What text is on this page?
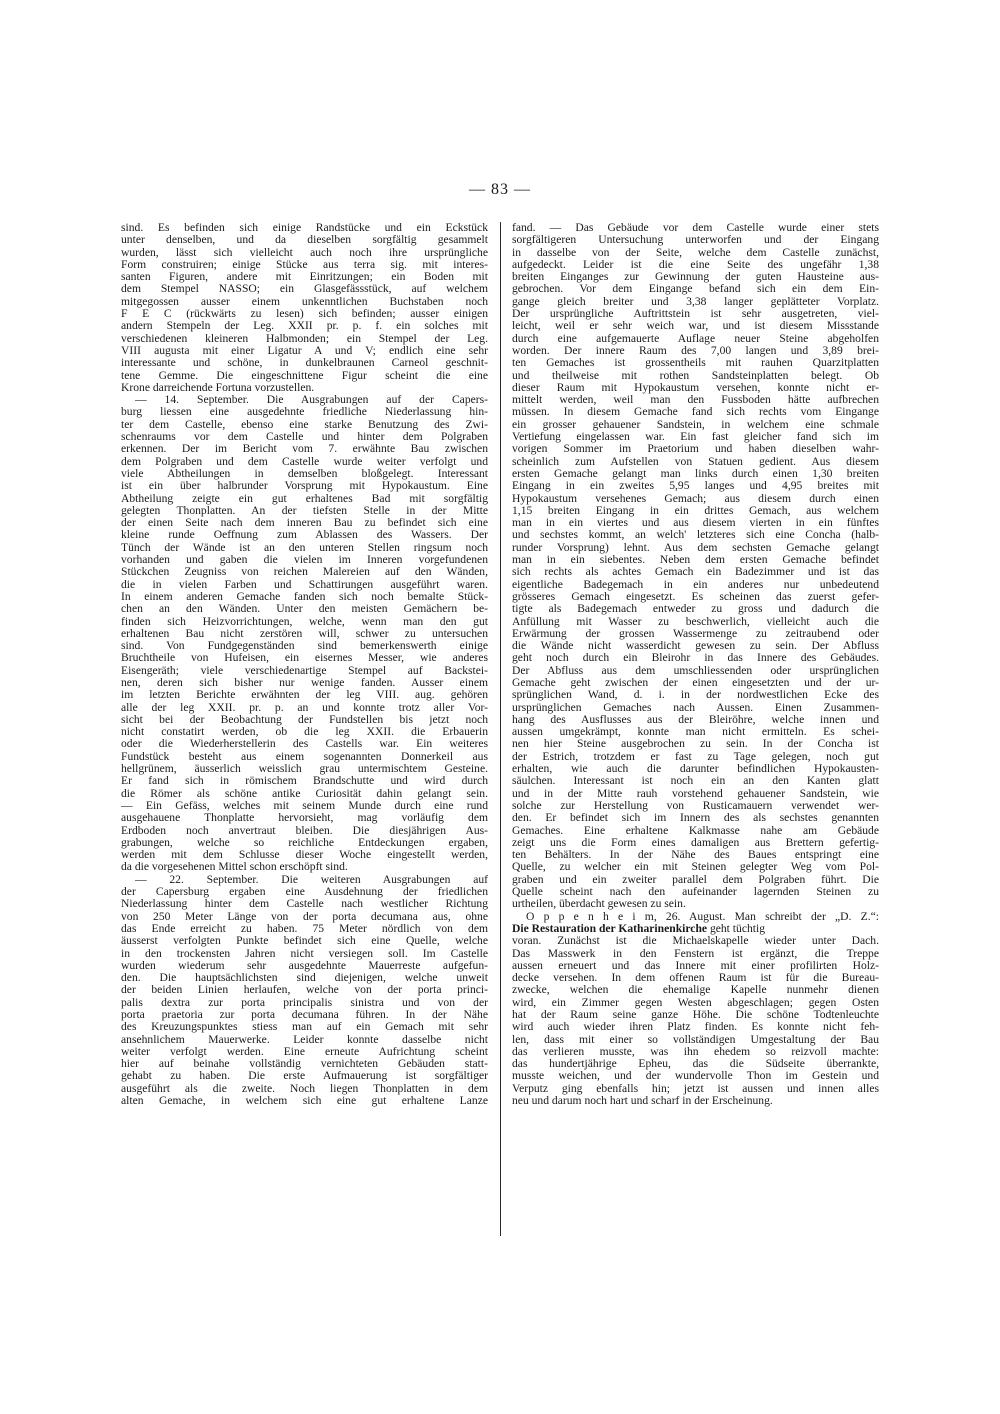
— 83 —
sind. Es befinden sich einige Randstücke und ein Eckstück
unter denselben, und da dieselben sorgfältig gesammelt
wurden, lässt sich vielleicht auch noch ihre ursprüngliche
Form construiren; einige Stücke aus terra sig. mit interes-
santen Figuren, andere mit Einritzungen; ein Boden mit
dem Stempel NASSO; ein Glasgefässstück, auf welchem
mitgegossen ausser einem unkenntlichen Buchstaben noch
F E C (rückwärts zu lesen) sich befinden; ausser einigen
andern Stempeln der Leg. XXII pr. p. f. ein solches mit
verschiedenen kleineren Halbmonden; ein Stempel der Leg.
VIII augusta mit einer Ligatur A und V; endlich eine sehr
interessante und schöne, in dunkelbraunen Carneol geschnit-
tene Gemme. Die eingeschnittene Figur scheint die eine
Krone darreichende Fortuna vorzustellen.
— 14. September. Die Ausgrabungen auf der Capers-
burg liessen eine ausgedehnte friedliche Niederlassung hin-
ter dem Castelle, ebenso eine starke Benutzung des Zwi-
schenraums vor dem Castelle und hinter dem Polgraben
erkennen. Der im Bericht vom 7. erwähnte Bau zwischen
dem Polgraben und dem Castelle wurde weiter verfolgt und
viele Abtheilungen in demselben bloßgelegt. Interessant
ist ein über halbrunder Vorsprung mit Hypokaustum. Eine
Abtheilung zeigte ein gut erhaltenes Bad mit sorgfältig
gelegten Thonplatten. An der tiefsten Stelle in der Mitte
der einen Seite nach dem inneren Bau zu befindet sich eine
kleine runde Oeffnung zum Ablassen des Wassers. Der
Tünch der Wände ist an den unteren Stellen ringsum noch
vorhanden und gaben die vielen im Inneren vorgefundenen
Stückchen Zeugniss von reichen Malereien auf den Wänden,
die in vielen Farben und Schattirungen ausgeführt waren.
In einem anderen Gemache fanden sich noch bemalte Stück-
chen an den Wänden. Unter den meisten Gemächern be-
finden sich Heizvorrichtungen, welche, wenn man den gut
erhaltenen Bau nicht zerstören will, schwer zu untersuchen
sind. Von Fundgegenständen sind bemerkenswerth einige
Bruchtheile von Hufeisen, ein eisernes Messer, wie anderes
Eisengeräth; viele verschiedenartige Stempel auf Backstei-
nen, deren sich bisher nur wenige fanden. Ausser einem
im letzten Berichte erwähnten der leg VIII. aug. gehören
alle der leg XXII. pr. p. an und konnte trotz aller Vor-
sicht bei der Beobachtung der Fundstellen bis jetzt noch
nicht constatirt werden, ob die leg XXII. die Erbauerin
oder die Wiederherstellerin des Castells war. Ein weiteres
Fundstück besteht aus einem sogenannten Donnerkeil aus
hellgrünem, äusserlich weisslich grau untermischtem Gesteine.
Er fand sich in römischem Brandschutte und wird durch
die Römer als schöne antike Curiosität dahin gelangt sein.
— Ein Gefäss, welches mit seinem Munde durch eine rund
ausgehauene Thonplatte hervorsieht, mag vorläufig dem
Erdboden noch anvertraut bleiben. Die diesjährigen Aus-
grabungen, welche so reichliche Entdeckungen ergaben,
werden mit dem Schlusse dieser Woche eingestellt werden,
da die vorgesehenen Mittel schon erschöpft sind.
— 22. September. Die weiteren Ausgrabungen auf
der Capersburg ergaben eine Ausdehnung der friedlichen
Niederlassung hinter dem Castelle nach westlicher Richtung
von 250 Meter Länge von der porta decumana aus, ohne
das Ende erreicht zu haben. 75 Meter nördlich von dem
äusserst verfolgten Punkte befindet sich eine Quelle, welche
in den trockensten Jahren nicht versiegen soll. Im Castelle
wurden wiederum sehr ausgedehnte Mauerreste aufgefun-
den. Die hauptsächlichsten sind diejenigen, welche unweit
der beiden Linien herlaufen, welche von der porta princi-
palis dextra zur porta principalis sinistra und von der
porta praetoria zur porta decumana führen. In der Nähe
des Kreuzungspunktes stiess man auf ein Gemach mit sehr
ansehnlichem Mauerwerke. Leider konnte dasselbe nicht
weiter verfolgt werden. Eine erneute Aufrichtung scheint
hier auf beinahe vollständig vernichteten Gebäuden statt-
gehabt zu haben. Die erste Aufmauerung ist sorgfältiger
ausgeführt als die zweite. Noch liegen Thonplatten in dem
alten Gemache, in welchem sich eine gut erhaltene Lanze
fand. — Das Gebäude vor dem Castelle wurde einer stets
sorgfältigeren Untersuchung unterworfen und der Eingang
in dasselbe von der Seite, welche dem Castelle zunächst,
aufgedeckt. Leider ist die eine Seite des ungefähr 1,38
breiten Einganges zur Gewinnung der guten Hausteine aus-
gebrochen. Vor dem Eingange befand sich ein dem Ein-
gange gleich breiter und 3,38 langer geplätteter Vorplatz.
Der ursprüngliche Auftrittstein ist sehr ausgetreten, viel-
leicht, weil er sehr weich war, und ist diesem Missstande
durch eine aufgemauerte Auflage neuer Steine abgeholfen
worden. Der innere Raum des 7,00 langen und 3,89 brei-
ten Gemaches ist grossentheils mit rauhen Quarzitplatten
und theilweise mit rothen Sandsteinplatten belegt. Ob
dieser Raum mit Hypokaustum versehen, konnte nicht er-
mittelt werden, weil man den Fussboden hätte aufbrechen
müssen. In diesem Gemache fand sich rechts vom Eingange
ein grosser gehauener Sandstein, in welchem eine schmale
Vertiefung eingelassen war. Ein fast gleicher fand sich im
vorigen Sommer im Praetorium und haben dieselben wahr-
scheinlich zum Aufstellen von Statuen gedient. Aus diesem
ersten Gemache gelangt man links durch einen 1,30 breiten
Eingang in ein zweites 5,95 langes und 4,95 breites mit
Hypokaustum versehenes Gemach; aus diesem durch einen
1,15 breiten Eingang in ein drittes Gemach, aus welchem
man in ein viertes und aus diesem vierten in ein fünftes
und sechstes kommt, an welch' letzteres sich eine Concha (halb-
runder Vorsprung) lehnt. Aus dem sechsten Gemache gelangt
man in ein siebentes. Neben dem ersten Gemache befindet
sich rechts als achtes Gemach ein Badezimmer und ist das
eigentliche Badegemach in ein anderes nur unbedeutend
grösseres Gemach eingesetzt. Es scheinen das zuerst gefer-
tigte als Badegemach entweder zu gross und dadurch die
Anfüllung mit Wasser zu beschwerlich, vielleicht auch die
Erwärmung der grossen Wassermenge zu zeitraubend oder
die Wände nicht wasserdicht gewesen zu sein. Der Abfluss
geht noch durch ein Bleirohr in das Innere des Gebäudes.
Der Abfluss aus dem umschliessenden oder ursprünglichen
Gemache geht zwischen der einen eingesetzten und der ur-
sprünglichen Wand, d. i. in der nordwestlichen Ecke des
ursprünglichen Gemaches nach Aussen. Einen Zusammen-
hang des Ausflusses aus der Bleiröhre, welche innen und
aussen umgekrämpt, konnte man nicht ermitteln. Es schei-
nen hier Steine ausgebrochen zu sein. In der Concha ist
der Estrich, trotzdem er fast zu Tage gelegen, noch gut
erhalten, wie auch die darunter befindlichen Hypokausten-
säulchen. Interessant ist noch ein an den Kanten glatt
und in der Mitte rauh vorstehend gehauener Sandstein, wie
solche zur Herstellung von Rusticamauern verwendet wer-
den. Er befindet sich im Innern des als sechstes genannten
Gemaches. Eine erhaltene Kalkmasse nahe am Gebäude
zeigt uns die Form eines damaligen aus Brettern gefertig-
ten Behälters. In der Nähe des Baues entspringt eine
Quelle, zu welcher ein mit Steinen gelegter Weg vom Pol-
graben und ein zweiter parallel dem Polgraben führt. Die
Quelle scheint nach den aufeinander lagernden Steinen zu
urtheilen, überdacht gewesen zu sein.
O p p e n h e i m, 26. August. Man schreibt der „D. Z.“:
Die Restauration der Katharinenkirche geht tüchtig
voran. Zunächst ist die Michaelskapelle wieder unter Dach.
Das Masswerk in den Fenstern ist ergänzt, die Treppe
aussen erneuert und das Innere mit einer profilirten Holz-
decke versehen. In dem offenen Raum ist für die Bureau-
zwecke, welchen die ehemalige Kapelle nunmehr dienen
wird, ein Zimmer gegen Westen abgeschlagen; gegen Osten
hat der Raum seine ganze Höhe. Die schöne Todtenleuchte
wird auch wieder ihren Platz finden. Es konnte nicht feh-
len, dass mit einer so vollständigen Umgestaltung der Bau
das verlieren musste, was ihn ehedem so reizvoll machte:
das hundertjährige Epheu, das die Südseite überrankte,
musste weichen, und der wundervolle Thon im Gestein und
Verputz ging ebenfalls hin; jetzt ist aussen und innen alles
neu und darum noch hart und scharf in der Erscheinung.
